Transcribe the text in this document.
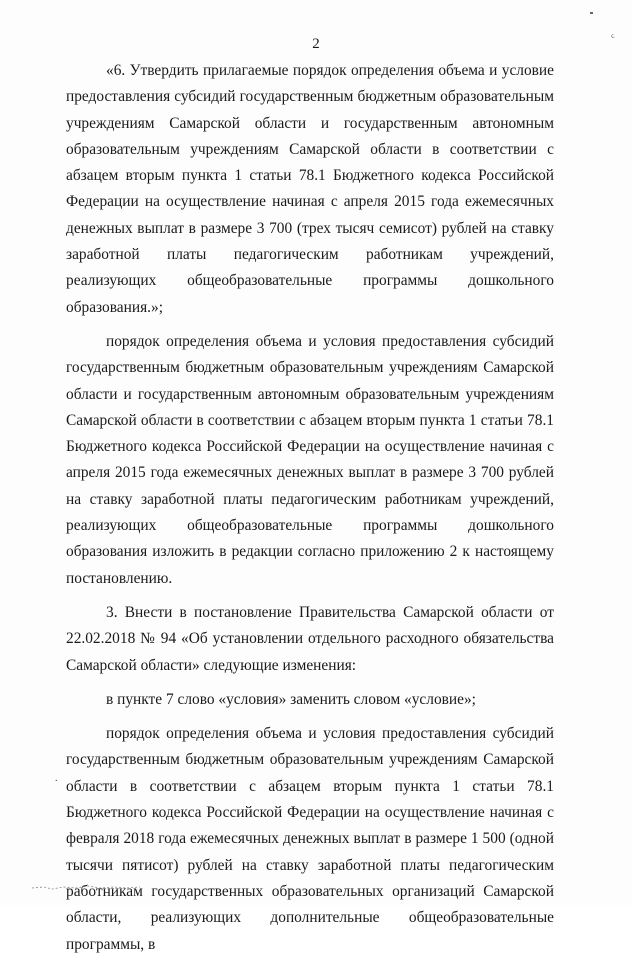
ᶜ
2

«6. Утвердить прилагаемые порядок определения объема и условие предоставления субсидий государственным бюджетным образовательным учреждениям Самарской области и государственным автономным образовательным учреждениям Самарской области в соответствии с абзацем вторым пункта 1 статьи 78.1 Бюджетного кодекса Российской Федерации на осуществление начиная с апреля 2015 года ежемесячных денежных выплат в размере 3 700 (трех тысяч семисот) рублей на ставку заработной платы педагогическим работникам учреждений, реализующих общеобразовательные программы дошкольного образования.»;

порядок определения объема и условия предоставления субсидий государственным бюджетным образовательным учреждениям Самарской области и государственным автономным образовательным учреждениям Самарской области в соответствии с абзацем вторым пункта 1 статьи 78.1 Бюджетного кодекса Российской Федерации на осуществление начиная с апреля 2015 года ежемесячных денежных выплат в размере 3 700 рублей на ставку заработной платы педагогическим работникам учреждений, реализующих общеобразовательные программы дошкольного образования изложить в редакции согласно приложению 2 к настоящему постановлению.

3. Внести в постановление Правительства Самарской области от 22.02.2018 № 94 «Об установлении отдельного расходного обязательства Самарской области» следующие изменения:

в пункте 7 слово «условия» заменить словом «условие»;

порядок определения объема и условия предоставления субсидий государственным бюджетным образовательным учреждениям Самарской области в соответствии с абзацем вторым пункта 1 статьи 78.1 Бюджетного кодекса Российской Федерации на осуществление начиная с февраля 2018 года ежемесячных денежных выплат в размере 1 500 (одной тысячи пятисот) рублей на ставку заработной платы педагогическим работникам государственных образовательных организаций Самарской области, реализующих дополнительные общеобразовательные программы, в

.
